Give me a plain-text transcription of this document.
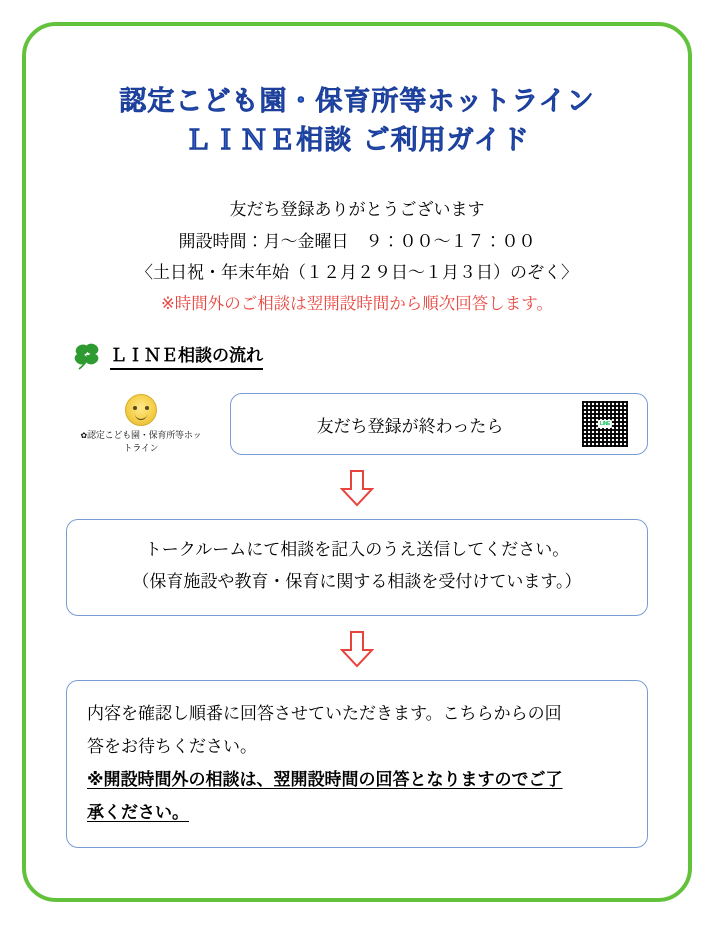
認定こども園・保育所等ホットライン
ＬＩＮＥ相談 ご利用ガイド
友だち登録ありがとうございます
開設時間：月〜金曜日　９：００〜１７：００
〈土日祝・年末年始（１２月２９日〜１月３日）のぞく〉
※時間外のご相談は翌開設時間から順次回答します。
ＬＩＮＥ相談の流れ
✿認定こども園・保育所等ホッ
トライン
友だち登録が終わったら
LINE

トークルームにて相談を記入のうえ送信してください。

（保育施設や教育・保育に関する相談を受付けています。）

内容を確認し順番に回答させていただきます。こちらからの回

答をお待ちください。

※開設時間外の相談は、翌開設時間の回答となりますのでご了

承ください。
